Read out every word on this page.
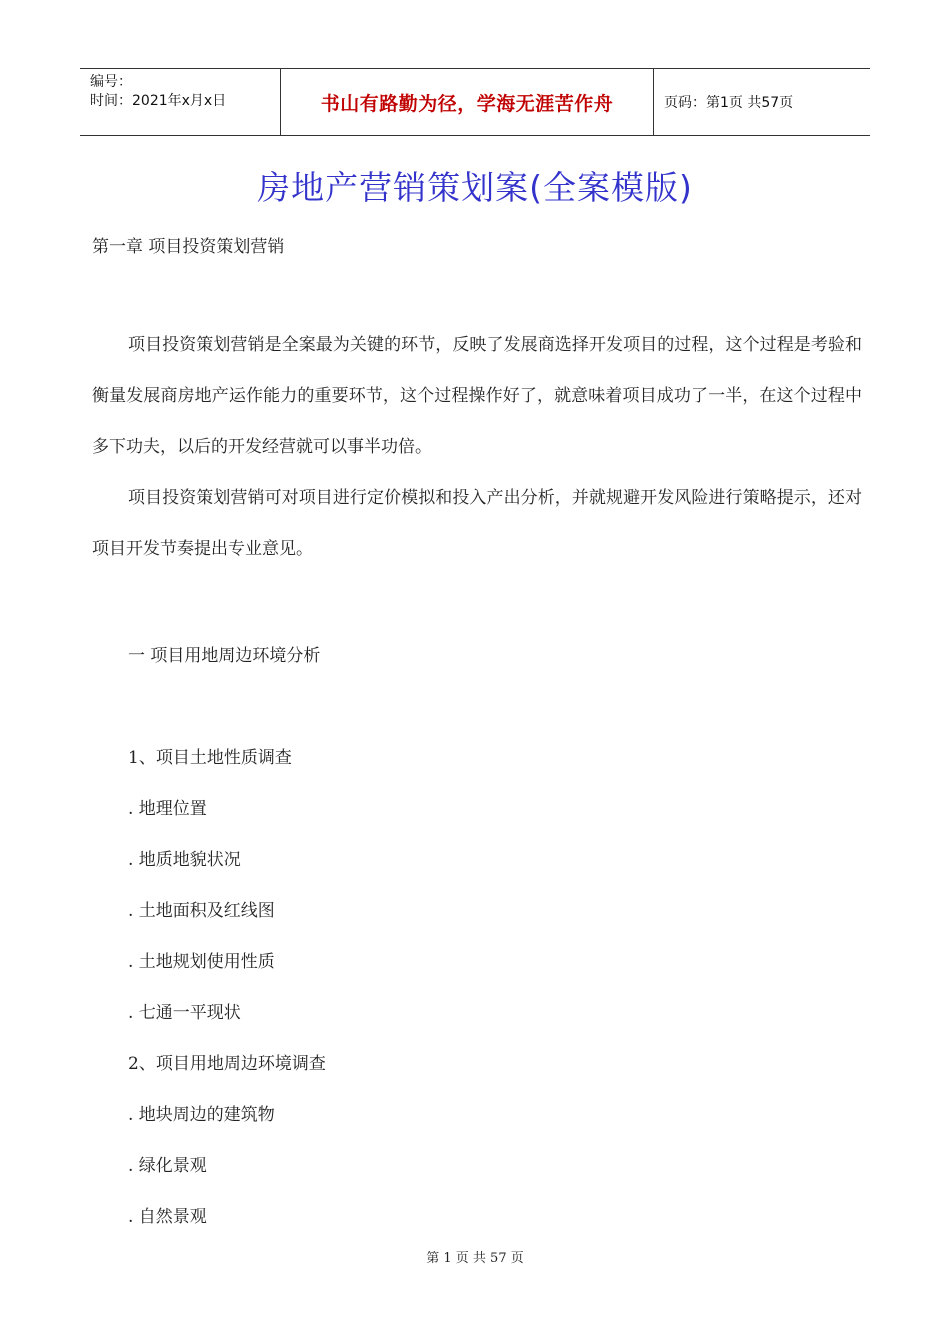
编号：
时间：2021年x月x日	书山有路勤为径，学海无涯苦作舟	页码：第1页 共57页
房地产营销策划案(全案模版)
第一章 项目投资策划营销
项目投资策划营销是全案最为关键的环节，反映了发展商选择开发项目的过程，这个过程是考验和衡量发展商房地产运作能力的重要环节，这个过程操作好了，就意味着项目成功了一半，在这个过程中多下功夫，以后的开发经营就可以事半功倍。
项目投资策划营销可对项目进行定价模拟和投入产出分析，并就规避开发风险进行策略提示，还对项目开发节奏提出专业意见。
一 项目用地周边环境分析
1、项目土地性质调查
. 地理位置
. 地质地貌状况
. 土地面积及红线图
. 土地规划使用性质
. 七通一平现状
2、项目用地周边环境调查
. 地块周边的建筑物
. 绿化景观
. 自然景观
第 1 页 共 57 页
